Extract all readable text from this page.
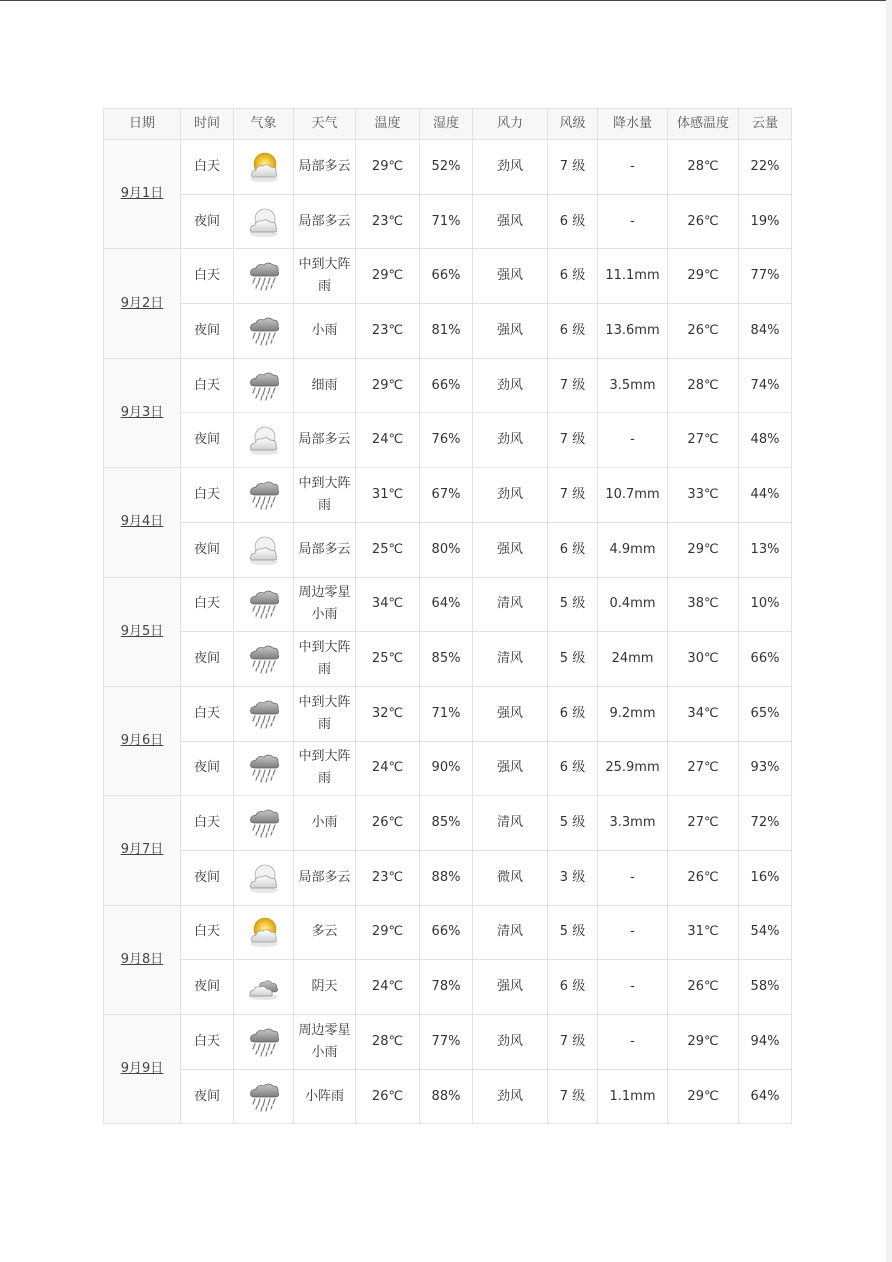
日期	时间	气象	天气	温度	湿度	风力	风级	降水量	体感温度	云量
9月1日	白天		局部多云	29℃	52%	劲风	7 级	-	28℃	22%
	夜间		局部多云	23℃	71%	强风	6 级	-	26℃	19%
9月2日	白天		中到大阵雨	29℃	66%	强风	6 级	11.1mm	29℃	77%
	夜间		小雨	23℃	81%	强风	6 级	13.6mm	26℃	84%
9月3日	白天		细雨	29℃	66%	劲风	7 级	3.5mm	28℃	74%
	夜间		局部多云	24℃	76%	劲风	7 级	-	27℃	48%
9月4日	白天		中到大阵雨	31℃	67%	劲风	7 级	10.7mm	33℃	44%
	夜间		局部多云	25℃	80%	强风	6 级	4.9mm	29℃	13%
9月5日	白天		周边零星小雨	34℃	64%	清风	5 级	0.4mm	38℃	10%
	夜间		中到大阵雨	25℃	85%	清风	5 级	24mm	30℃	66%
9月6日	白天		中到大阵雨	32℃	71%	强风	6 级	9.2mm	34℃	65%
	夜间		中到大阵雨	24℃	90%	强风	6 级	25.9mm	27℃	93%
9月7日	白天		小雨	26℃	85%	清风	5 级	3.3mm	27℃	72%
	夜间		局部多云	23℃	88%	微风	3 级	-	26℃	16%
9月8日	白天		多云	29℃	66%	清风	5 级	-	31℃	54%
	夜间		阴天	24℃	78%	强风	6 级	-	26℃	58%
9月9日	白天		周边零星小雨	28℃	77%	劲风	7 级	-	29℃	94%
	夜间		小阵雨	26℃	88%	劲风	7 级	1.1mm	29℃	64%
